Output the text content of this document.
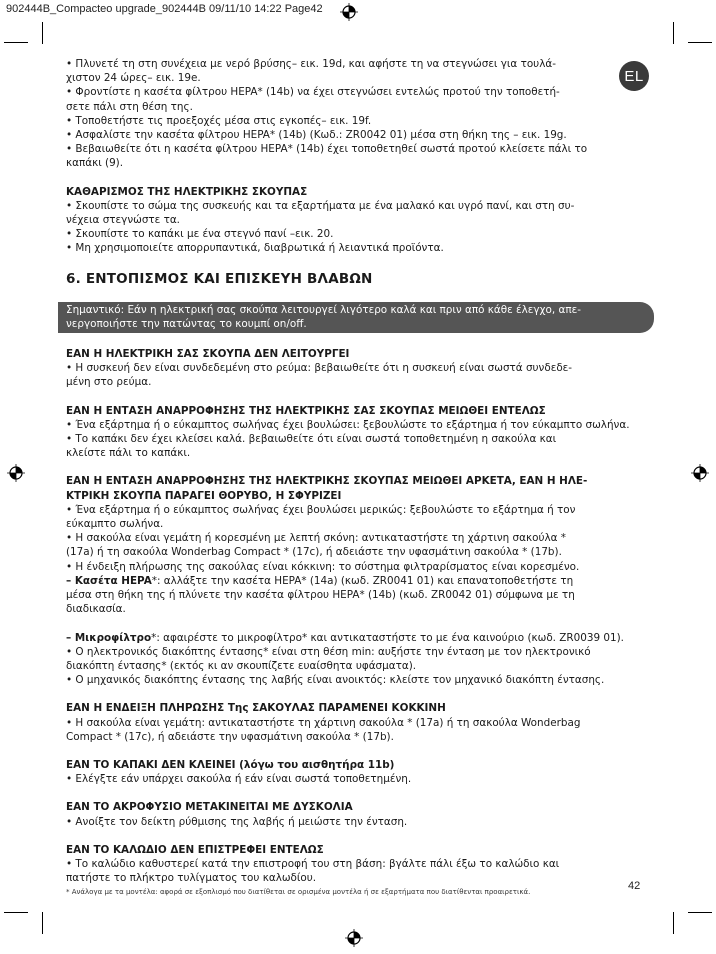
902444B_Compacteo upgrade_902444B 09/11/10 14:22 Page42
EL

• Πλυνετέ τη στη συνέχεια με νερό βρύσης– εικ. 19d, και αφήστε τη να στεγνώσει για τουλά-

χιστον 24 ώρες– εικ. 19e.

• Φροντίστε η κασέτα φίλτρου HEPA* (14b) να έχει στεγνώσει εντελώς προτού την τοποθετή-

σετε πάλι στη θέση της.

• Τοποθετήστε τις προεξοχές μέσα στις εγκοπές– εικ. 19f.

• Ασφαλίστε την κασέτα φίλτρου HEPA* (14b) (Κωδ.: ZR0042 01) μέσα στη θήκη της – εικ. 19g.

• Βεβαιωθείτε ότι η κασέτα φίλτρου HEPA* (14b) έχει τοποθετηθεί σωστά προτού κλείσετε πάλι το

καπάκι (9).

ΚΑΘΑΡΙΣΜΟΣ ΤΗΣ ΗΛΕΚΤΡΙΚΗΣ ΣΚΟΥΠΑΣ

• Σκουπίστε το σώμα της συσκευής και τα εξαρτήματα με ένα μαλακό και υγρό πανί, και στη συ-

νέχεια στεγνώστε τα.

• Σκουπίστε το καπάκι με ένα στεγνό πανί –εικ. 20.

• Μη χρησιμοποιείτε απορρυπαντικά, διαβρωτικά ή λειαντικά προϊόντα.

6. ΕΝΤΟΠΙΣΜΟΣ ΚΑΙ ΕΠΙΣΚΕΥΗ ΒΛΑΒΩΝ

Σημαντικό: Εάν η ηλεκτρική σας σκούπα λειτουργεί λιγότερο καλά και πριν από κάθε έλεγχο, απε-

νεργοποιήστε την πατώντας το κουμπί on/off.

ΕΑΝ Η ΗΛΕΚΤΡΙΚΗ ΣΑΣ ΣΚΟΥΠΑ ΔΕΝ ΛΕΙΤΟΥΡΓΕΙ

• Η συσκευή δεν είναι συνδεδεμένη στο ρεύμα: βεβαιωθείτε ότι η συσκευή είναι σωστά συνδεδε-

μένη στο ρεύμα.

ΕΑΝ Η ΕΝΤΑΣΗ ΑΝΑΡΡΟΦΗΣΗΣ ΤΗΣ ΗΛΕΚΤΡΙΚΗΣ ΣΑΣ ΣΚΟΥΠΑΣ ΜΕΙΩΘΕΙ ΕΝΤΕΛΩΣ

• Ένα εξάρτημα ή ο εύκαμπτος σωλήνας έχει βουλώσει: ξεβουλώστε το εξάρτημα ή τον εύκαμπτο σωλήνα.

• Το καπάκι δεν έχει κλείσει καλά. βεβαιωθείτε ότι είναι σωστά τοποθετημένη η σακούλα και

κλείστε πάλι το καπάκι.

ΕΑΝ Η ΕΝΤΑΣΗ ΑΝΑΡΡΟΦΗΣΗΣ ΤΗΣ ΗΛΕΚΤΡΙΚΗΣ ΣΚΟΥΠΑΣ ΜΕΙΩΘΕΙ ΑΡΚΕΤΑ, ΕΑΝ Η ΗΛΕ-

ΚΤΡΙΚΗ ΣΚΟΥΠΑ ΠΑΡΑΓΕΙ ΘΟΡΥΒΟ, Η ΣΦΥΡΙΖΕΙ

• Ένα εξάρτημα ή ο εύκαμπτος σωλήνας έχει βουλώσει μερικώς: ξεβουλώστε το εξάρτημα ή τον

εύκαμπτο σωλήνα.

• Η σακούλα είναι γεμάτη ή κορεσμένη με λεπτή σκόνη: αντικαταστήστε τη χάρτινη σακούλα *

(17a) ή τη σακούλα Wonderbag Compact * (17c), ή αδειάστε την υφασμάτινη σακούλα * (17b).

• Η ένδειξη πλήρωσης της σακούλας είναι κόκκινη: το σύστημα φιλτραρίσματος είναι κορεσμένο.

– Κασέτα HEPA*: αλλάξτε την κασέτα HEPA* (14a) (κωδ. ZR0041 01) και επανατοποθετήστε τη

μέσα στη θήκη της ή πλύνετε την κασέτα φίλτρου HEPA* (14b) (κωδ. ZR0042 01) σύμφωνα με τη

διαδικασία.

– Μικροφίλτρο*: αφαιρέστε το μικροφίλτρο* και αντικαταστήστε το με ένα καινούριο (κωδ. ZR0039 01).

• Ο ηλεκτρονικός διακόπτης έντασης* είναι στη θέση min: αυξήστε την ένταση με τον ηλεκτρονικό

διακόπτη έντασης* (εκτός κι αν σκουπίζετε ευαίσθητα υφάσματα).

• Ο μηχανικός διακόπτης έντασης της λαβής είναι ανοικτός: κλείστε τον μηχανικό διακόπτη έντασης.

ΕΑΝ Η ΕΝΔΕΙΞΗ ΠΛΗΡΩΣΗΣ Της ΣΑΚΟΥΛΑΣ ΠΑΡΑΜΕΝΕΙ ΚΟΚΚΙΝΗ

• Η σακούλα είναι γεμάτη: αντικαταστήστε τη χάρτινη σακούλα * (17a) ή τη σακούλα Wonderbag

Compact * (17c), ή αδειάστε την υφασμάτινη σακούλα * (17b).

ΕΑΝ ΤΟ ΚΑΠΑΚΙ ΔΕΝ ΚΛΕΙΝΕΙ (λόγω του αισθητήρα 11b)

• Ελέγξτε εάν υπάρχει σακούλα ή εάν είναι σωστά τοποθετημένη.

ΕΑΝ ΤΟ ΑΚΡΟΦΥΣΙΟ ΜΕΤΑΚΙΝΕΙΤΑΙ ΜΕ ΔΥΣΚΟΛΙΑ

• Ανοίξτε τον δείκτη ρύθμισης της λαβής ή μειώστε την ένταση.

ΕΑΝ ΤΟ ΚΑΛΩΔΙΟ ΔΕΝ ΕΠΙΣΤΡΕΦΕΙ ΕΝΤΕΛΩΣ

• Το καλώδιο καθυστερεί κατά την επιστροφή του στη βάση: βγάλτε πάλι έξω το καλώδιο και

πατήστε το πλήκτρο τυλίγματος του καλωδίου.

42
* Ανάλογα με τα μοντέλα: αφορά σε εξοπλισμό που διατίθεται σε ορισμένα μοντέλα ή σε εξαρτήματα που διατίθενται προαιρετικά.
